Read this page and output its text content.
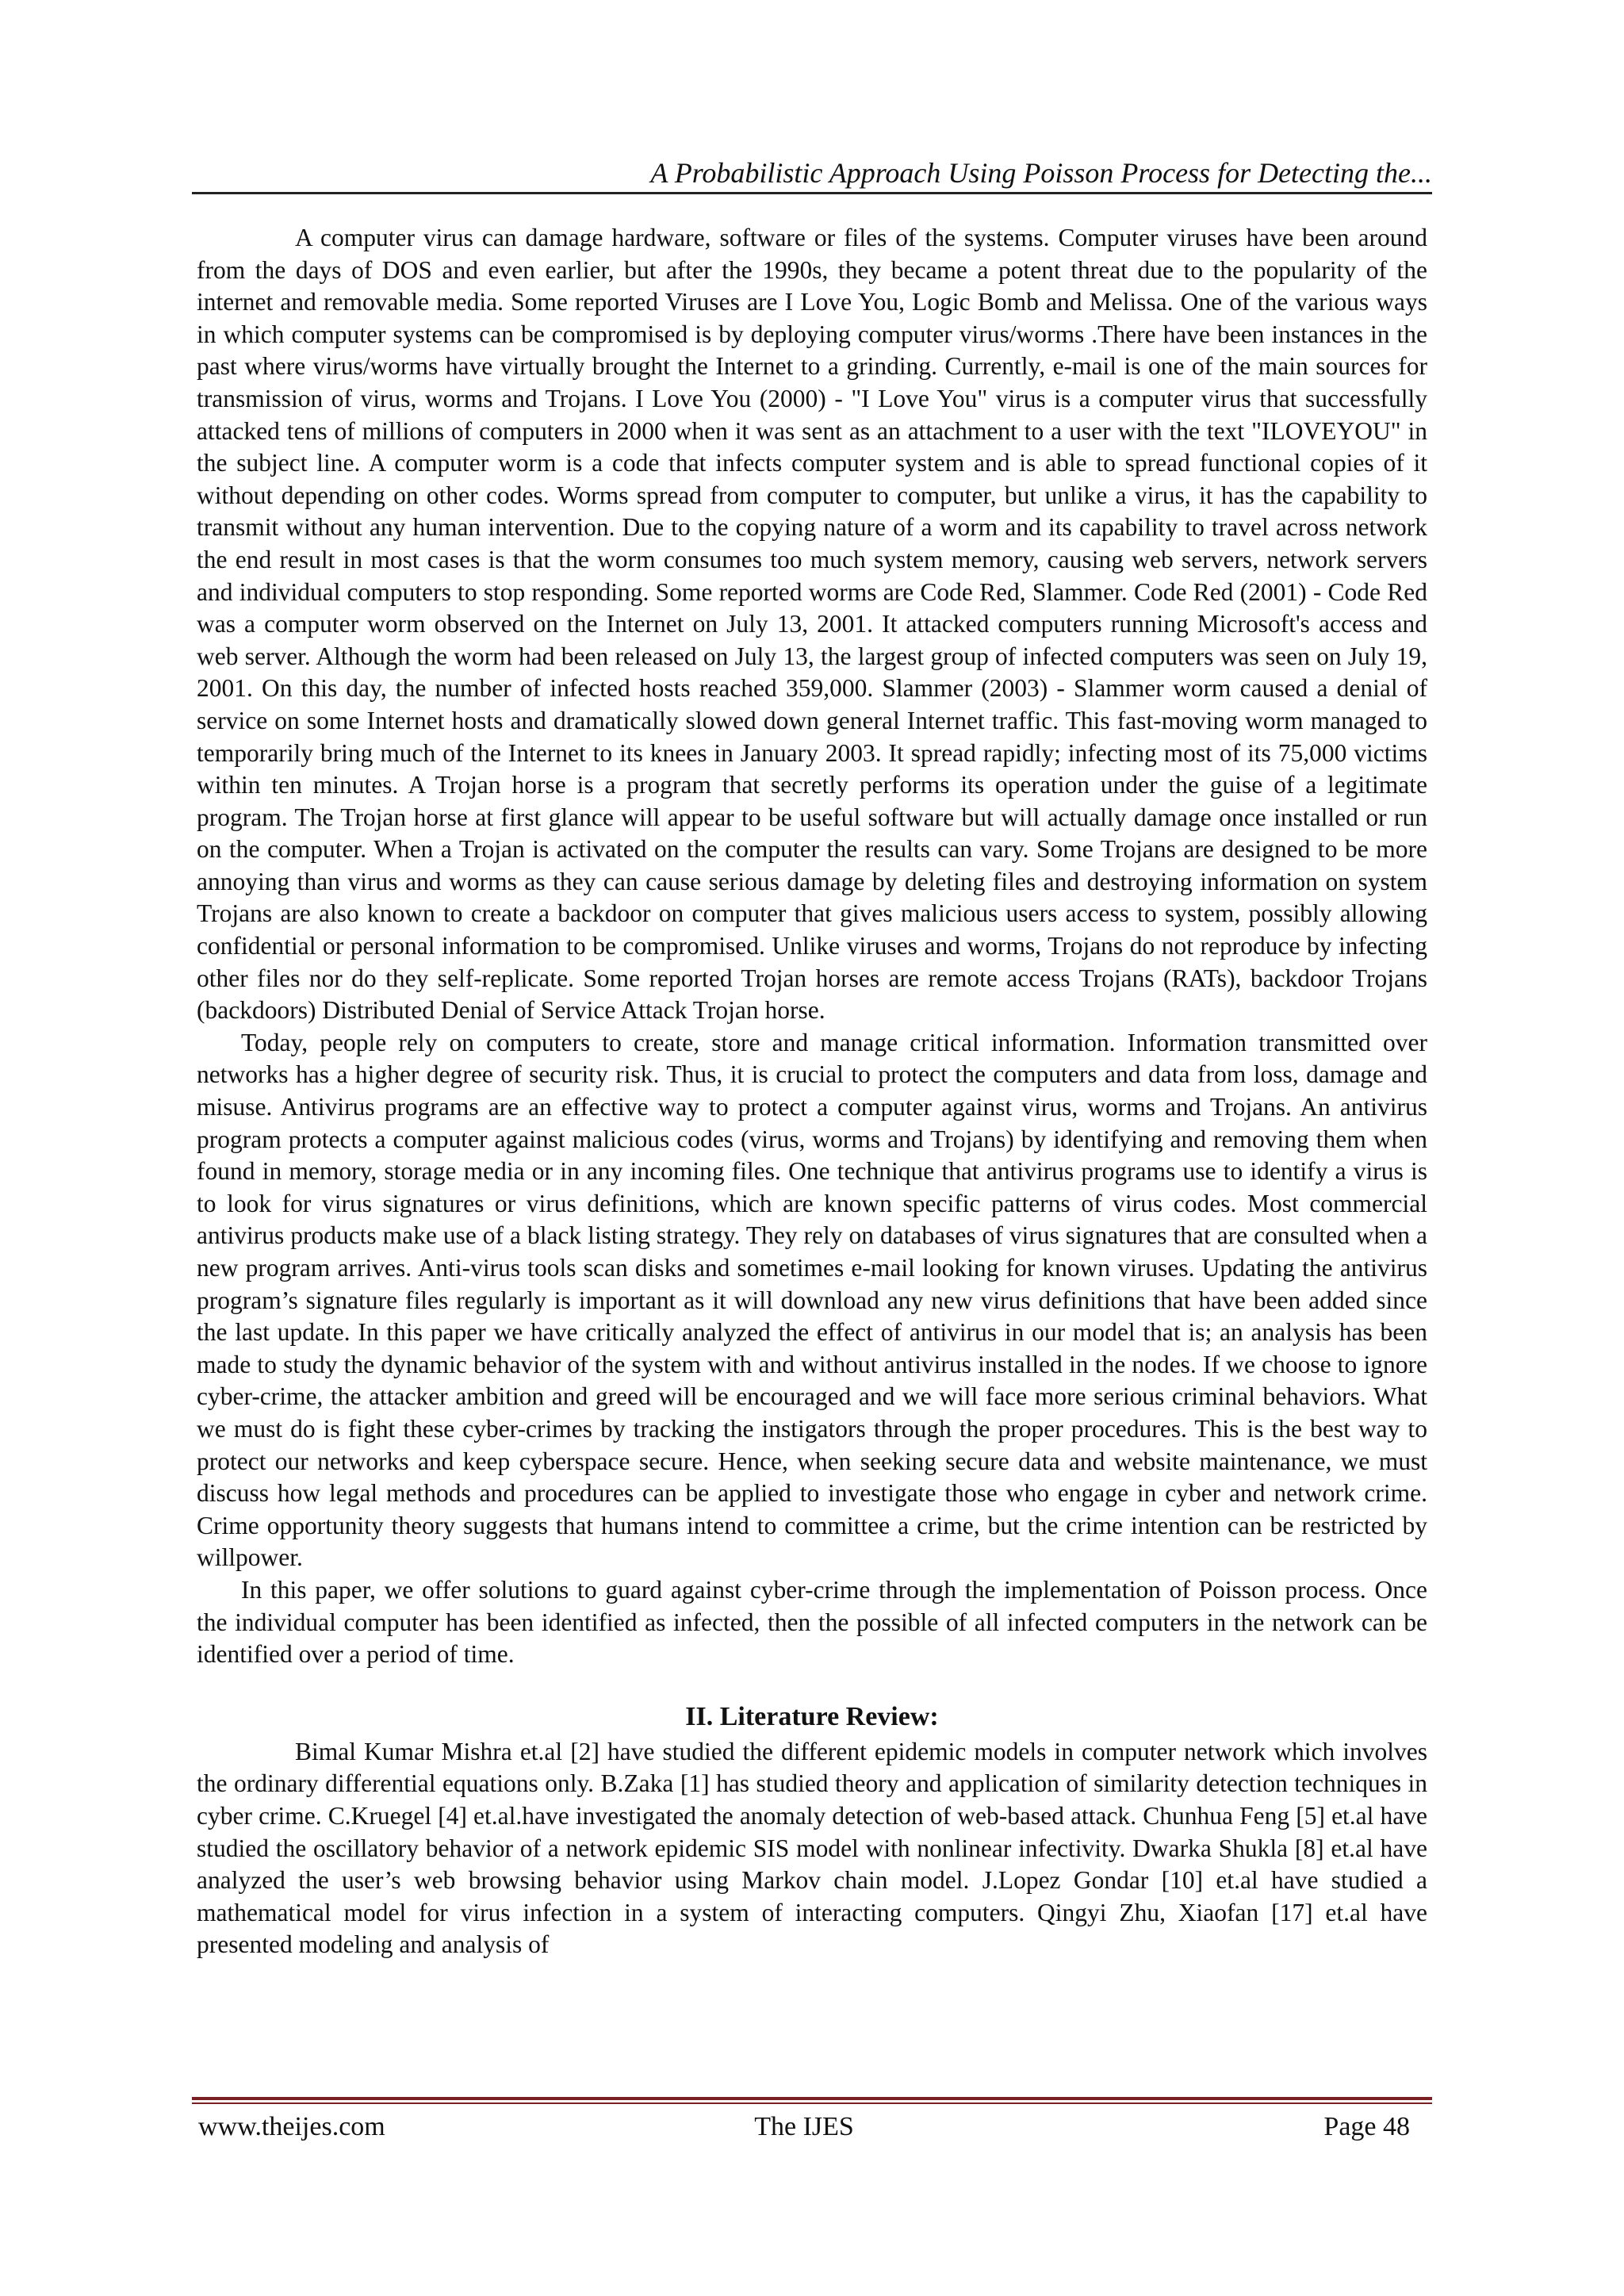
A Probabilistic Approach Using Poisson Process for Detecting the...

A computer virus can damage hardware, software or files of the systems. Computer viruses have been around from the days of DOS and even earlier, but after the 1990s, they became a potent threat due to the popularity of the internet and removable media. Some reported Viruses are I Love You, Logic Bomb and Melissa. One of the various ways in which computer systems can be compromised is by deploying computer virus/worms .There have been instances in the past where virus/worms have virtually brought the Internet to a grinding. Currently, e-mail is one of the main sources for transmission of virus, worms and Trojans. I Love You (2000) - "I Love You" virus is a computer virus that successfully attacked tens of millions of computers in 2000 when it was sent as an attachment to a user with the text "ILOVEYOU" in the subject line. A computer worm is a code that infects computer system and is able to spread functional copies of it without depending on other codes. Worms spread from computer to computer, but unlike a virus, it has the capability to transmit without any human intervention. Due to the copying nature of a worm and its capability to travel across network the end result in most cases is that the worm consumes too much system memory, causing web servers, network servers and individual computers to stop responding. Some reported worms are Code Red, Slammer. Code Red (2001) - Code Red was a computer worm observed on the Internet on July 13, 2001. It attacked computers running Microsoft's access and web server. Although the worm had been released on July 13, the largest group of infected computers was seen on July 19, 2001. On this day, the number of infected hosts reached 359,000. Slammer (2003) - Slammer worm caused a denial of service on some Internet hosts and dramatically slowed down general Internet traffic. This fast-moving worm managed to temporarily bring much of the Internet to its knees in January 2003. It spread rapidly; infecting most of its 75,000 victims within ten minutes. A Trojan horse is a program that secretly performs its operation under the guise of a legitimate program. The Trojan horse at first glance will appear to be useful software but will actually damage once installed or run on the computer. When a Trojan is activated on the computer the results can vary. Some Trojans are designed to be more annoying than virus and worms as they can cause serious damage by deleting files and destroying information on system Trojans are also known to create a backdoor on computer that gives malicious users access to system, possibly allowing confidential or personal information to be compromised. Unlike viruses and worms, Trojans do not reproduce by infecting other files nor do they self-replicate. Some reported Trojan horses are remote access Trojans (RATs), backdoor Trojans (backdoors) Distributed Denial of Service Attack Trojan horse.

Today, people rely on computers to create, store and manage critical information. Information transmitted over networks has a higher degree of security risk. Thus, it is crucial to protect the computers and data from loss, damage and misuse. Antivirus programs are an effective way to protect a computer against virus, worms and Trojans. An antivirus program protects a computer against malicious codes (virus, worms and Trojans) by identifying and removing them when found in memory, storage media or in any incoming files. One technique that antivirus programs use to identify a virus is to look for virus signatures or virus definitions, which are known specific patterns of virus codes. Most commercial antivirus products make use of a black listing strategy. They rely on databases of virus signatures that are consulted when a new program arrives. Anti-virus tools scan disks and sometimes e-mail looking for known viruses. Updating the antivirus program’s signature files regularly is important as it will download any new virus definitions that have been added since the last update. In this paper we have critically analyzed the effect of antivirus in our model that is; an analysis has been made to study the dynamic behavior of the system with and without antivirus installed in the nodes. If we choose to ignore cyber-crime, the attacker ambition and greed will be encouraged and we will face more serious criminal behaviors. What we must do is fight these cyber-crimes by tracking the instigators through the proper procedures. This is the best way to protect our networks and keep cyberspace secure. Hence, when seeking secure data and website maintenance, we must discuss how legal methods and procedures can be applied to investigate those who engage in cyber and network crime. Crime opportunity theory suggests that humans intend to committee a crime, but the crime intention can be restricted by willpower.

In this paper, we offer solutions to guard against cyber-crime through the implementation of Poisson process. Once the individual computer has been identified as infected, then the possible of all infected computers in the network can be identified over a period of time.

II. Literature Review:

Bimal Kumar Mishra et.al [2] have studied the different epidemic models in computer network which involves the ordinary differential equations only. B.Zaka [1] has studied theory and application of similarity detection techniques in cyber crime. C.Kruegel [4] et.al.have investigated the anomaly detection of web-based attack. Chunhua Feng [5] et.al have studied the oscillatory behavior of a network epidemic SIS model with nonlinear infectivity. Dwarka Shukla [8] et.al have analyzed the user’s web browsing behavior using Markov chain model. J.Lopez Gondar [10] et.al have studied a mathematical model for virus infection in a system of interacting computers. Qingyi Zhu, Xiaofan [17] et.al have presented modeling and analysis of

www.theijes.com	The IJES	Page 48
